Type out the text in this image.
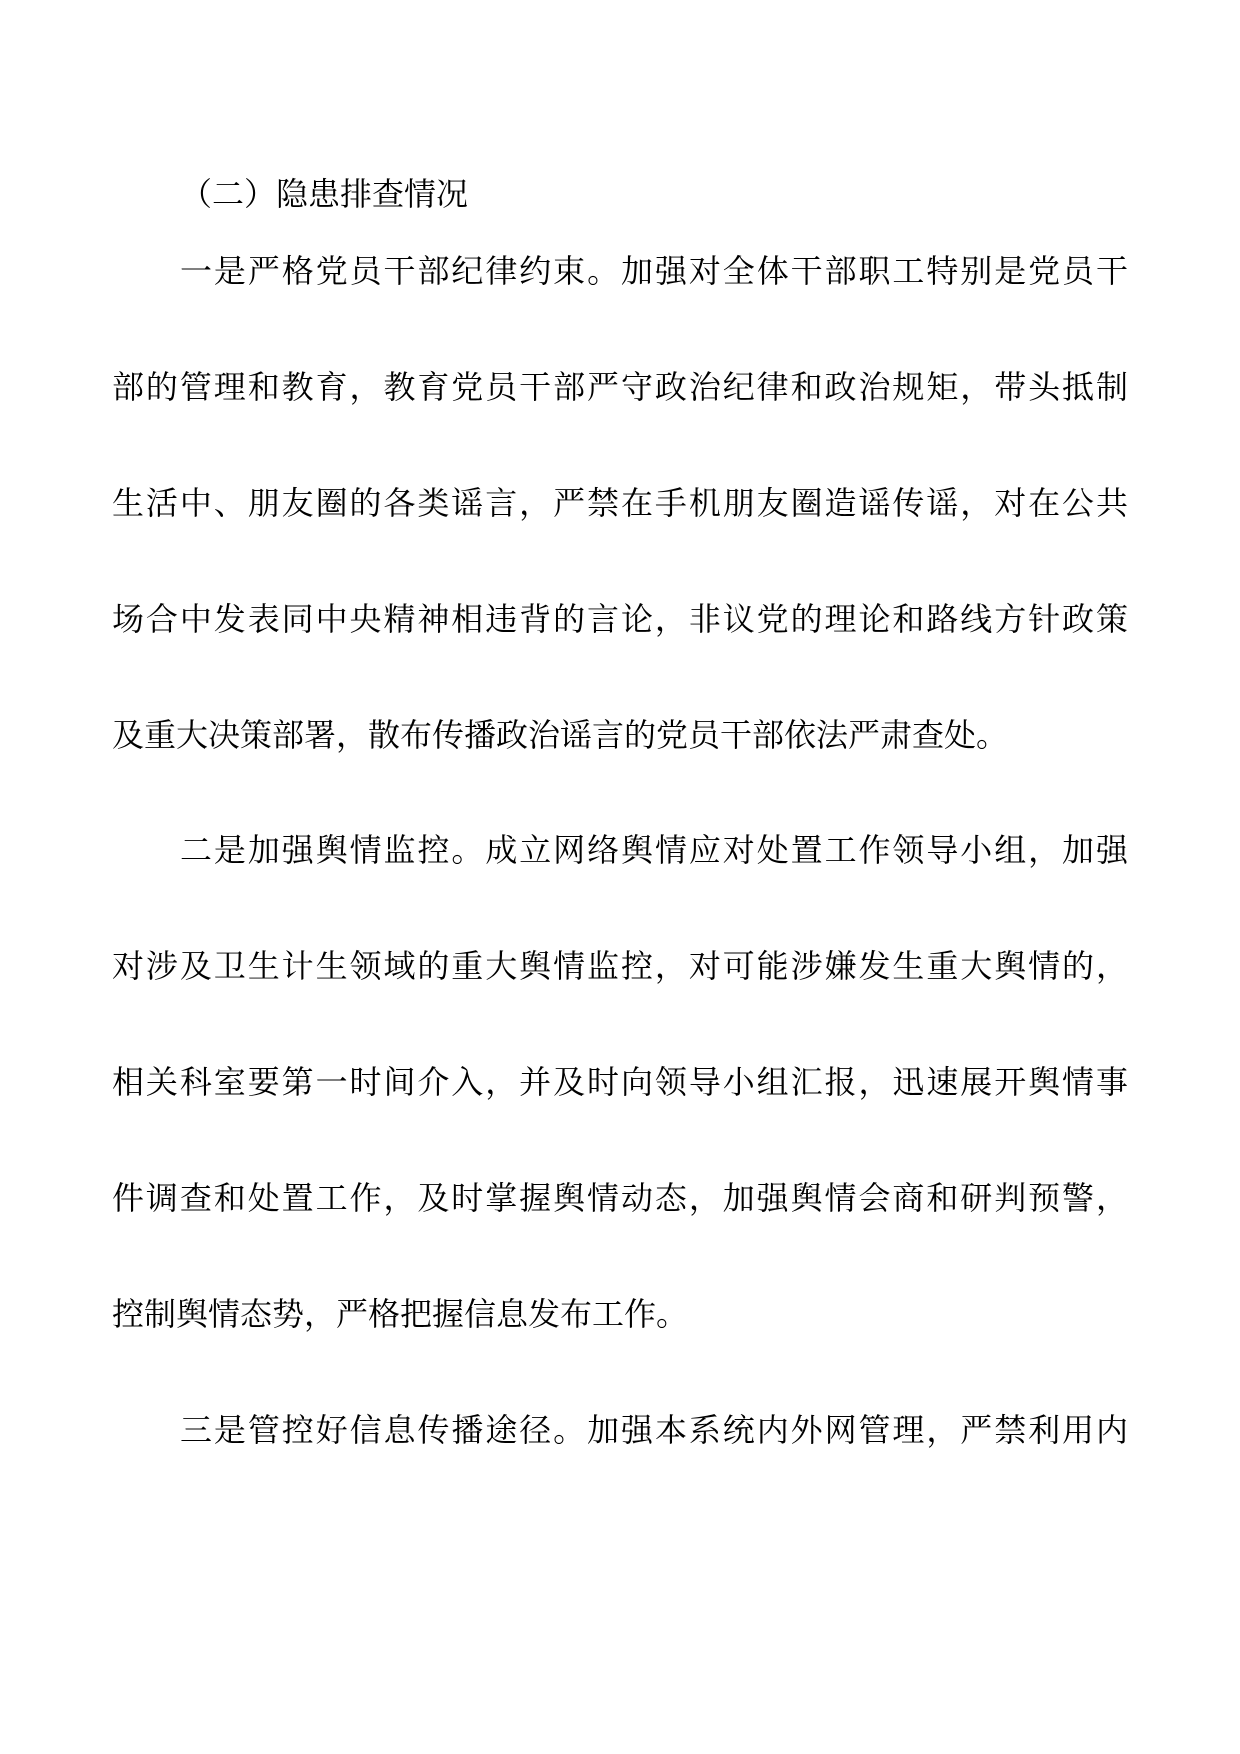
（二）隐患排查情况
一是严格党员干部纪律约束。加强对全体干部职工特别是党员干
部的管理和教育，教育党员干部严守政治纪律和政治规矩，带头抵制
生活中、朋友圈的各类谣言，严禁在手机朋友圈造谣传谣，对在公共
场合中发表同中央精神相违背的言论，非议党的理论和路线方针政策
及重大决策部署，散布传播政治谣言的党员干部依法严肃查处。
二是加强舆情监控。成立网络舆情应对处置工作领导小组，加强
对涉及卫生计生领域的重大舆情监控，对可能涉嫌发生重大舆情的，
相关科室要第一时间介入，并及时向领导小组汇报，迅速展开舆情事
件调查和处置工作，及时掌握舆情动态，加强舆情会商和研判预警，
控制舆情态势，严格把握信息发布工作。
三是管控好信息传播途径。加强本系统内外网管理，严禁利用内
